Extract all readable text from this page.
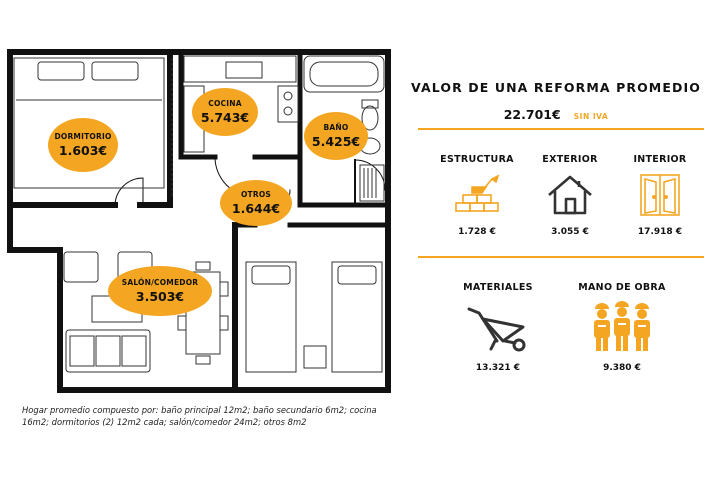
DORMITORIO
1.603€
COCINA
5.743€
BAÑO
5.425€
OTROS
1.644€
SALÓN/COMEDOR
3.503€
Hogar promedio compuesto por: baño principal 12m2; baño secundario 6m2; cocina 16m2; dormitorios (2) 12m2 cada; salón/comedor 24m2; otros 8m2
VALOR DE UNA REFORMA PROMEDIO
22.701€ SIN IVA
ESTRUCTURA
1.728 €
EXTERIOR
3.055 €
INTERIOR
17.918 €
MATERIALES
13.321 €
MANO DE OBRA
9.380 €
